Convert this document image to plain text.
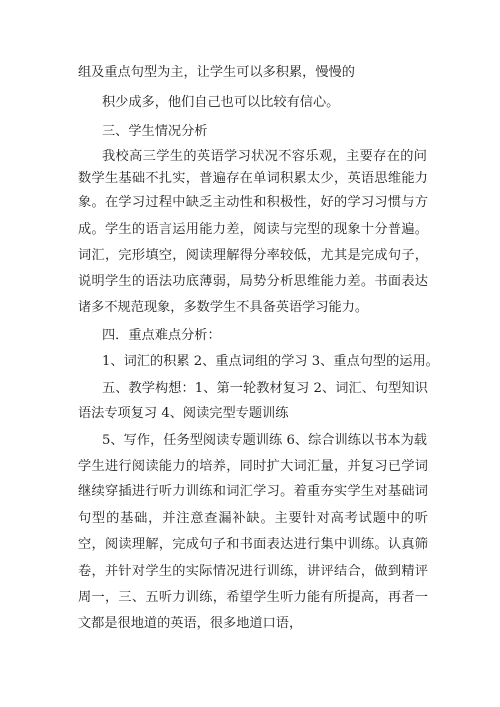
组及重点句型为主，让学生可以多积累，慢慢的
积少成多，他们自己也可以比较有信心。
三、学生情况分析
我校高三学生的英语学习状况不容乐观，主要存在的问
数学生基础不扎实，普遍存在单词积累太少，英语思维能力
象。在学习过程中缺乏主动性和积极性，好的学习习惯与方
成。学生的语言运用能力差，阅读与完型的现象十分普遍。
词汇，完形填空，阅读理解得分率较低，尤其是完成句子，
说明学生的语法功底薄弱，局势分析思维能力差。书面表达
诸多不规范现象，多数学生不具备英语学习能力。
四．重点难点分析：
1、词汇的积累 2、重点词组的学习 3、重点句型的运用。
五、教学构想：1、第一轮教材复习 2、词汇、句型知识
语法专项复习 4、阅读完型专题训练
5、写作，任务型阅读专题训练 6、综合训练以书本为载
学生进行阅读能力的培养，同时扩大词汇量，并复习已学词
继续穿插进行听力训练和词汇学习。着重夯实学生对基础词
句型的基础，并注意查漏补缺。主要针对高考试题中的听
空，阅读理解，完成句子和书面表达进行集中训练。认真筛
卷，并针对学生的实际情况进行训练，讲评结合，做到精评
周一，三、五听力训练，希望学生听力能有所提高，再者一
文都是很地道的英语，很多地道口语，
